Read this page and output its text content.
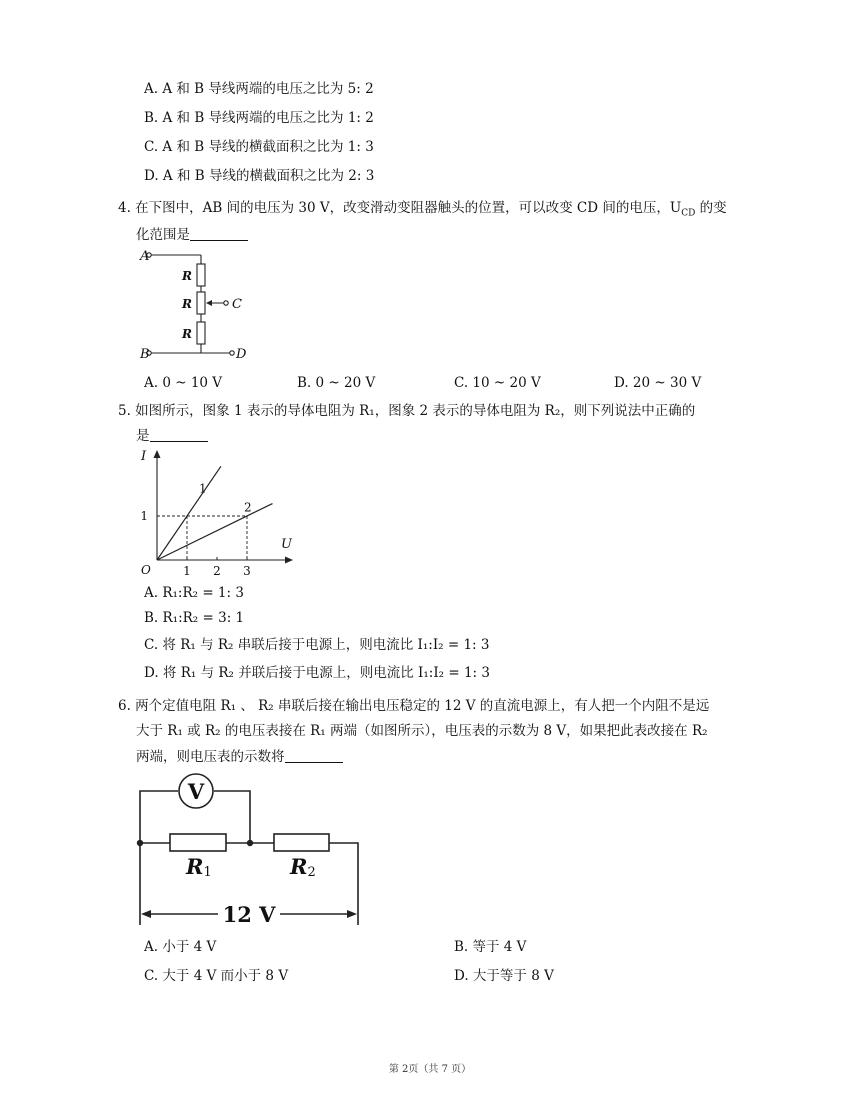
A. A 和 B 导线两端的电压之比为 5: 2
B. A 和 B 导线两端的电压之比为 1: 2
C. A 和 B 导线的横截面积之比为 1: 3
D. A 和 B 导线的横截面积之比为 2: 3
4. 在下图中，AB 间的电压为 30 V，改变滑动变阻器触头的位置，可以改变 CD 间的电压，$U_{CD}$ 的变
化范围是
A
B
C
D
R
R
R
A. 0 ~ 10 V	B. 0 ~ 20 V	C. 10 ~ 20 V	D. 20 ~ 30 V
5. 如图所示，图象 1 表示的导体电阻为 R₁，图象 2 表示的导体电阻为 R₂，则下列说法中正确的
是
I
U
O
1
2
1 2 3
1
A. R₁:R₂ = 1: 3
B. R₁:R₂ = 3: 1
C. 将 R₁ 与 R₂ 串联后接于电源上，则电流比 I₁:I₂ = 1: 3
D. 将 R₁ 与 R₂ 并联后接于电源上，则电流比 I₁:I₂ = 1: 3
6. 两个定值电阻 R₁ 、 R₂ 串联后接在输出电压稳定的 12 V 的直流电源上，有人把一个内阻不是远
大于 R₁ 或 R₂ 的电压表接在 R₁ 两端（如图所示），电压表的示数为 8 V，如果把此表改接在 R₂
两端，则电压表的示数将
V
R1	R2
12 V
A. 小于 4 V	B. 等于 4 V
C. 大于 4 V 而小于 8 V	D. 大于等于 8 V
第 2页（共 7 页）
